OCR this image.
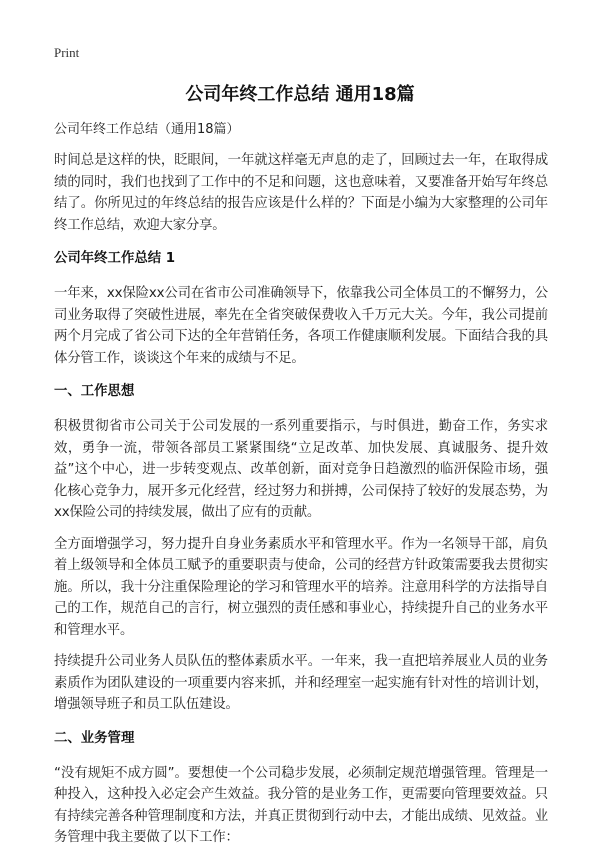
Print
公司年终工作总结 通用18篇
公司年终工作总结（通用18篇）

时间总是这样的快，眨眼间，一年就这样毫无声息的走了，回顾过去一年，在取得成绩的同时，我们也找到了工作中的不足和问题，这也意味着，又要准备开始写年终总结了。你所见过的年终总结的报告应该是什么样的？下面是小编为大家整理的公司年终工作总结，欢迎大家分享。

公司年终工作总结 1

一年来，xx保险xx公司在省市公司准确领导下，依靠我公司全体员工的不懈努力，公司业务取得了突破性进展，率先在全省突破保费收入千万元大关。今年，我公司提前两个月完成了省公司下达的全年营销任务，各项工作健康顺利发展。下面结合我的具体分管工作，谈谈这个年来的成绩与不足。

一、工作思想

积极贯彻省市公司关于公司发展的一系列重要指示，与时俱进，勤奋工作，务实求效，勇争一流，带领各部员工紧紧围绕“立足改革、加快发展、真诚服务、提升效益”这个中心，进一步转变观点、改革创新，面对竞争日趋激烈的临汧保险市场，强化核心竞争力，展开多元化经营，经过努力和拼搏，公司保持了较好的发展态势，为xx保险公司的持续发展，做出了应有的贡献。

全方面增强学习，努力提升自身业务素质水平和管理水平。作为一名领导干部，肩负着上级领导和全体员工赋予的重要职责与使命，公司的经营方针政策需要我去贯彻实施。所以，我十分注重保险理论的学习和管理水平的培养。注意用科学的方法指导自己的工作，规范自己的言行，树立强烈的责任感和事业心，持续提升自己的业务水平和管理水平。

持续提升公司业务人员队伍的整体素质水平。一年来，我一直把培养展业人员的业务素质作为团队建设的一项重要内容来抓，并和经理室一起实施有针对性的培训计划，增强领导班子和员工队伍建设。

二、业务管理

“没有规矩不成方圆”。要想使一个公司稳步发展，必须制定规范增强管理。管理是一种投入，这种投入必定会产生效益。我分管的是业务工作，更需要向管理要效益。只有持续完善各种管理制度和方法，并真正贯彻到行动中去，才能出成绩、见效益。业务管理中我主要做了以下工作：
